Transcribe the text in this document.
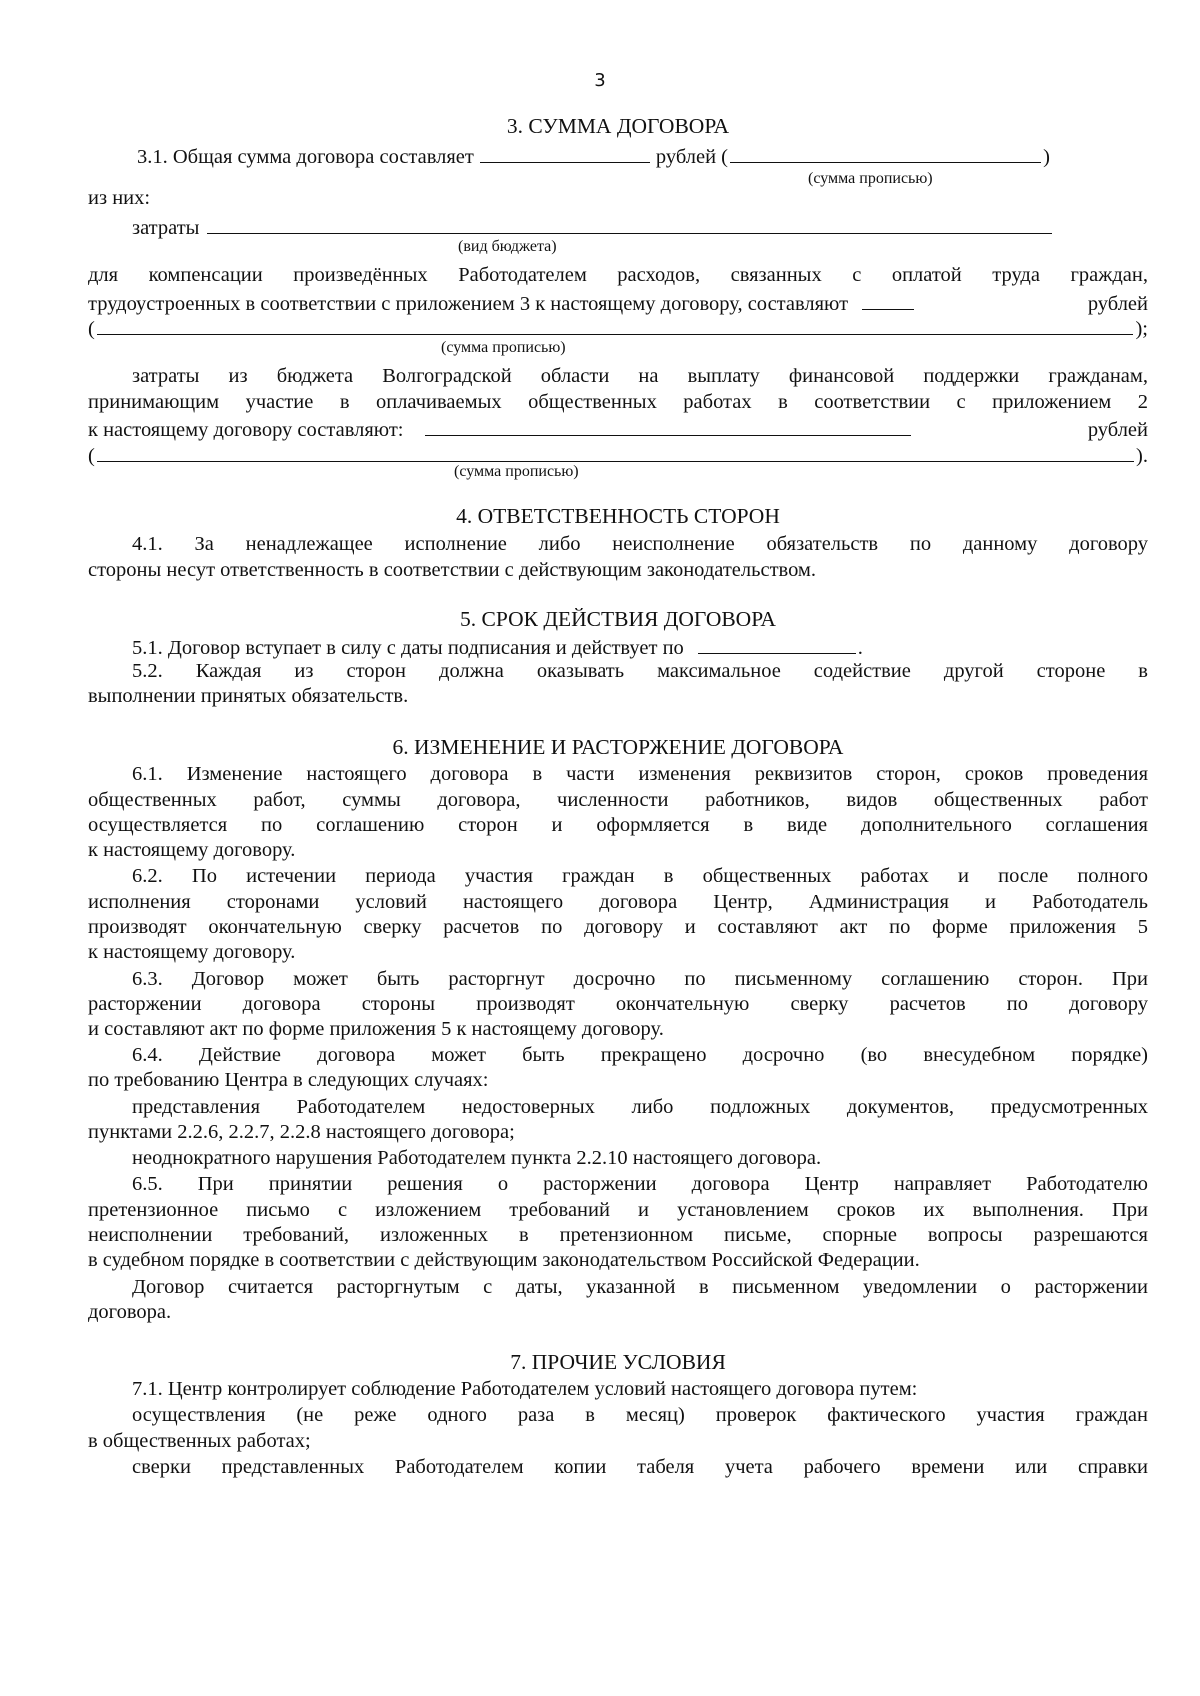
3
3. СУММА ДОГОВОРА
3.1. Общая сумма договора составляет	рублей (	)
(сумма прописью)
из них:
затраты
(вид бюджета)
для компенсации произведённых Работодателем расходов, связанных с оплатой труда граждан,
трудоустроенных в соответствии с приложением 3 к настоящему договору, составляют	рублей
(	);
(сумма прописью)
затраты из бюджета Волгоградской области на выплату финансовой поддержки гражданам,
принимающим участие в оплачиваемых общественных работах в соответствии с приложением 2
к настоящему договору составляют:	рублей
(	).
(сумма прописью)
4. ОТВЕТСТВЕННОСТЬ СТОРОН
4.1. За ненадлежащее исполнение либо неисполнение обязательств по данному договору
стороны несут ответственность в соответствии с действующим законодательством.
5. СРОК ДЕЙСТВИЯ ДОГОВОРА
5.1. Договор вступает в силу с даты подписания и действует по	.
5.2. Каждая из сторон должна оказывать максимальное содействие другой стороне в
выполнении принятых обязательств.
6. ИЗМЕНЕНИЕ И РАСТОРЖЕНИЕ ДОГОВОРА
6.1. Изменение настоящего договора в части изменения реквизитов сторон, сроков проведения
общественных работ, суммы договора, численности работников, видов общественных работ
осуществляется по соглашению сторон и оформляется в виде дополнительного соглашения
к настоящему договору.
6.2. По истечении периода участия граждан в общественных работах и после полного
исполнения сторонами условий настоящего договора Центр, Администрация и Работодатель
производят окончательную сверку расчетов по договору и составляют акт по форме приложения 5
к настоящему договору.
6.3. Договор может быть расторгнут досрочно по письменному соглашению сторон. При
расторжении договора стороны производят окончательную сверку расчетов по договору
и составляют акт по форме приложения 5 к настоящему договору.
6.4. Действие договора может быть прекращено досрочно (во внесудебном порядке)
по требованию Центра в следующих случаях:
представления Работодателем недостоверных либо подложных документов, предусмотренных
пунктами 2.2.6, 2.2.7, 2.2.8 настоящего договора;
неоднократного нарушения Работодателем пункта 2.2.10 настоящего договора.
6.5. При принятии решения о расторжении договора Центр направляет Работодателю
претензионное письмо с изложением требований и установлением сроков их выполнения. При
неисполнении требований, изложенных в претензионном письме, спорные вопросы разрешаются
в судебном порядке в соответствии с действующим законодательством Российской Федерации.
Договор считается расторгнутым с даты, указанной в письменном уведомлении о расторжении
договора.
7. ПРОЧИЕ УСЛОВИЯ
7.1. Центр контролирует соблюдение Работодателем условий настоящего договора путем:
осуществления (не реже одного раза в месяц) проверок фактического участия граждан
в общественных работах;
сверки представленных Работодателем копии табеля учета рабочего времени или справки
